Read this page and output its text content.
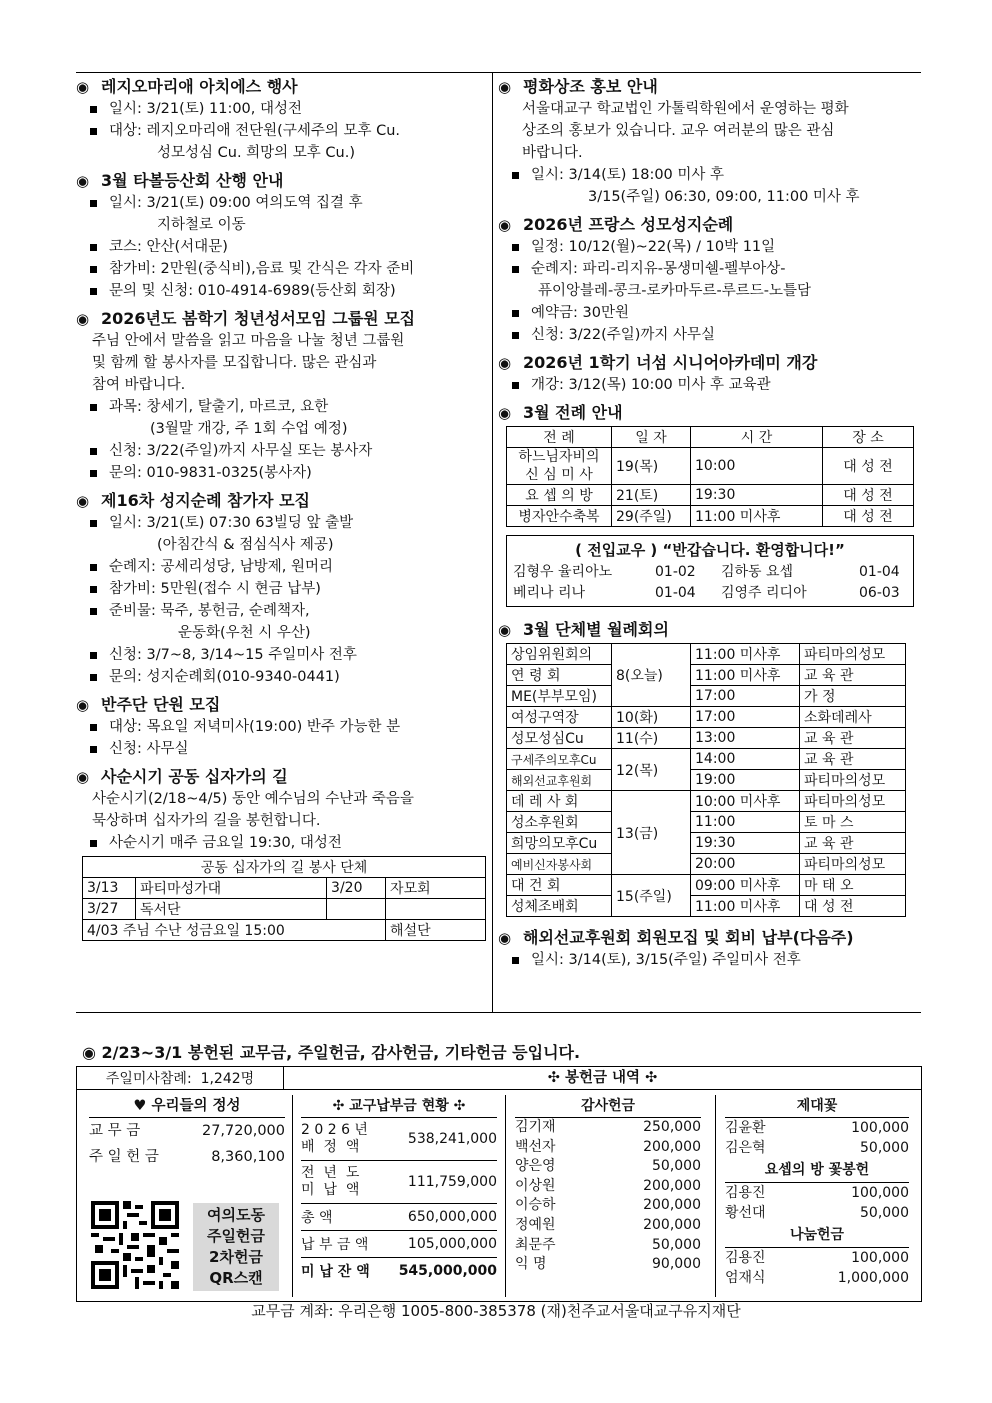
◉ 레지오마리애 아치에스 행사
일시: 3/21(토) 11:00, 대성전
대상: 레지오마리애 전단원(구세주의 모후 Cu.
성모성심 Cu. 희망의 모후 Cu.)
◉ 3월 타볼등산회 산행 안내
일시: 3/21(토) 09:00 여의도역 집결 후
지하철로 이동
코스: 안산(서대문)
참가비: 2만원(중식비),음료 및 간식은 각자 준비
문의 및 신청: 010-4914-6989(등산회 회장)
◉ 2026년도 봄학기 청년성서모임 그룹원 모집
주님 안에서 말씀을 읽고 마음을 나눌 청년 그룹원
및 함께 할 봉사자를 모집합니다. 많은 관심과
참여 바랍니다.
과목: 창세기, 탈출기, 마르코, 요한
(3월말 개강, 주 1회 수업 예정)
신청: 3/22(주일)까지 사무실 또는 봉사자
문의: 010-9831-0325(봉사자)
◉ 제16차 성지순례 참가자 모집
일시: 3/21(토) 07:30 63빌딩 앞 출발
(아침간식 & 점심식사 제공)
순례지: 공세리성당, 남방제, 원머리
참가비: 5만원(접수 시 현금 납부)
준비물: 묵주, 봉헌금, 순례책자,
운동화(우천 시 우산)
신청: 3/7~8, 3/14~15 주일미사 전후
문의: 성지순례회(010-9340-0441)
◉ 반주단 단원 모집
대상: 목요일 저녁미사(19:00) 반주 가능한 분
신청: 사무실
◉ 사순시기 공동 십자가의 길
사순시기(2/18~4/5) 동안 예수님의 수난과 죽음을
묵상하며 십자가의 길을 봉헌합니다.
사순시기 매주 금요일 19:30, 대성전
공동 십자가의 길 봉사 단체			
3/13	파티마성가대	3/20	자모회
3/27	독서단		
4/03 주님 수난 성금요일 15:00			해설단
◉ 평화상조 홍보 안내
서울대교구 학교법인 가톨릭학원에서 운영하는 평화
상조의 홍보가 있습니다. 교우 여러분의 많은 관심
바랍니다.
일시: 3/14(토) 18:00 미사 후
3/15(주일) 06:30, 09:00, 11:00 미사 후
◉ 2026년 프랑스 성모성지순례
일정: 10/12(월)~22(목) / 10박 11일
순례지: 파리-리지유-몽생미쉘-펠부아상-
퓨이앙블레-콩크-로카마두르-루르드-노틀담
예약금: 30만원
신청: 3/22(주일)까지 사무실
◉ 2026년 1학기 너섬 시니어아카데미 개강
개강: 3/12(목) 10:00 미사 후 교육관
◉ 3월 전례 안내
전 례	일 자	시 간	장 소
하느님자비의
신 심 미 사	19(목)	10:00	대 성 전
요 셉 의 방	21(토)	19:30	대 성 전
병자안수축복	29(주일)	11:00 미사후	대 성 전
( 전입교우 ) “반갑습니다. 환영합니다!”
김형우 율리아노	01-02	김하동 요셉	01-04
베리나 리나	01-04	김영주 리디아	06-03
◉ 3월 단체별 월례회의
상임위원회의	8(오늘)	11:00 미사후	파티마의성모
연 령 회		11:00 미사후	교 육 관
ME(부부모임)		17:00	가 정
여성구역장	10(화)	17:00	소화데레사
성모성심Cu	11(수)	13:00	교 육 관
구세주의모후Cu	12(목)	14:00	교 육 관
해외선교후원회		19:00	파티마의성모
데 레 사 회	13(금)	10:00 미사후	파티마의성모
성소후원회		11:00	토 마 스
희망의모후Cu		19:30	교 육 관
예비신자봉사회		20:00	파티마의성모
대 건 회	15(주일)	09:00 미사후	마 태 오
성체조배회		11:00 미사후	대 성 전
◉ 해외선교후원회 회원모집 및 회비 납부(다음주)
일시: 3/14(토), 3/15(주일) 주일미사 전후
◉ 2/23~3/1 봉헌된 교무금, 주일헌금, 감사헌금, 기타헌금 등입니다.
주일미사참례:
1,242명	✣ 봉헌금 내역 ✣
♥ 우리들의 정성
교 무 금	27,720,000
주 일 헌 금	8,360,100
여의도동
주일헌금
2차헌금
QR스캔
✣ 교구납부금 현황 ✣
2 0 2 6 년
배  정  액	538,241,000
전  년  도
미  납  액	111,759,000
총 액	650,000,000
납 부 금 액	105,000,000
미 납 잔 액 545,000,000
감사헌금
김기재	250,000
백선자	200,000
양은영	50,000
이상원	200,000
이승하	200,000
정예원	200,000
최문주	50,000
익 명	90,000
제대꽃
김윤환	100,000
김은혁	50,000
요셉의 방 꽃봉헌
김용진	100,000
황선대	50,000
나눔헌금
김용진	100,000
엄재식	1,000,000
교무금 계좌: 우리은행 1005-800-385378 (재)천주교서울대교구유지재단
